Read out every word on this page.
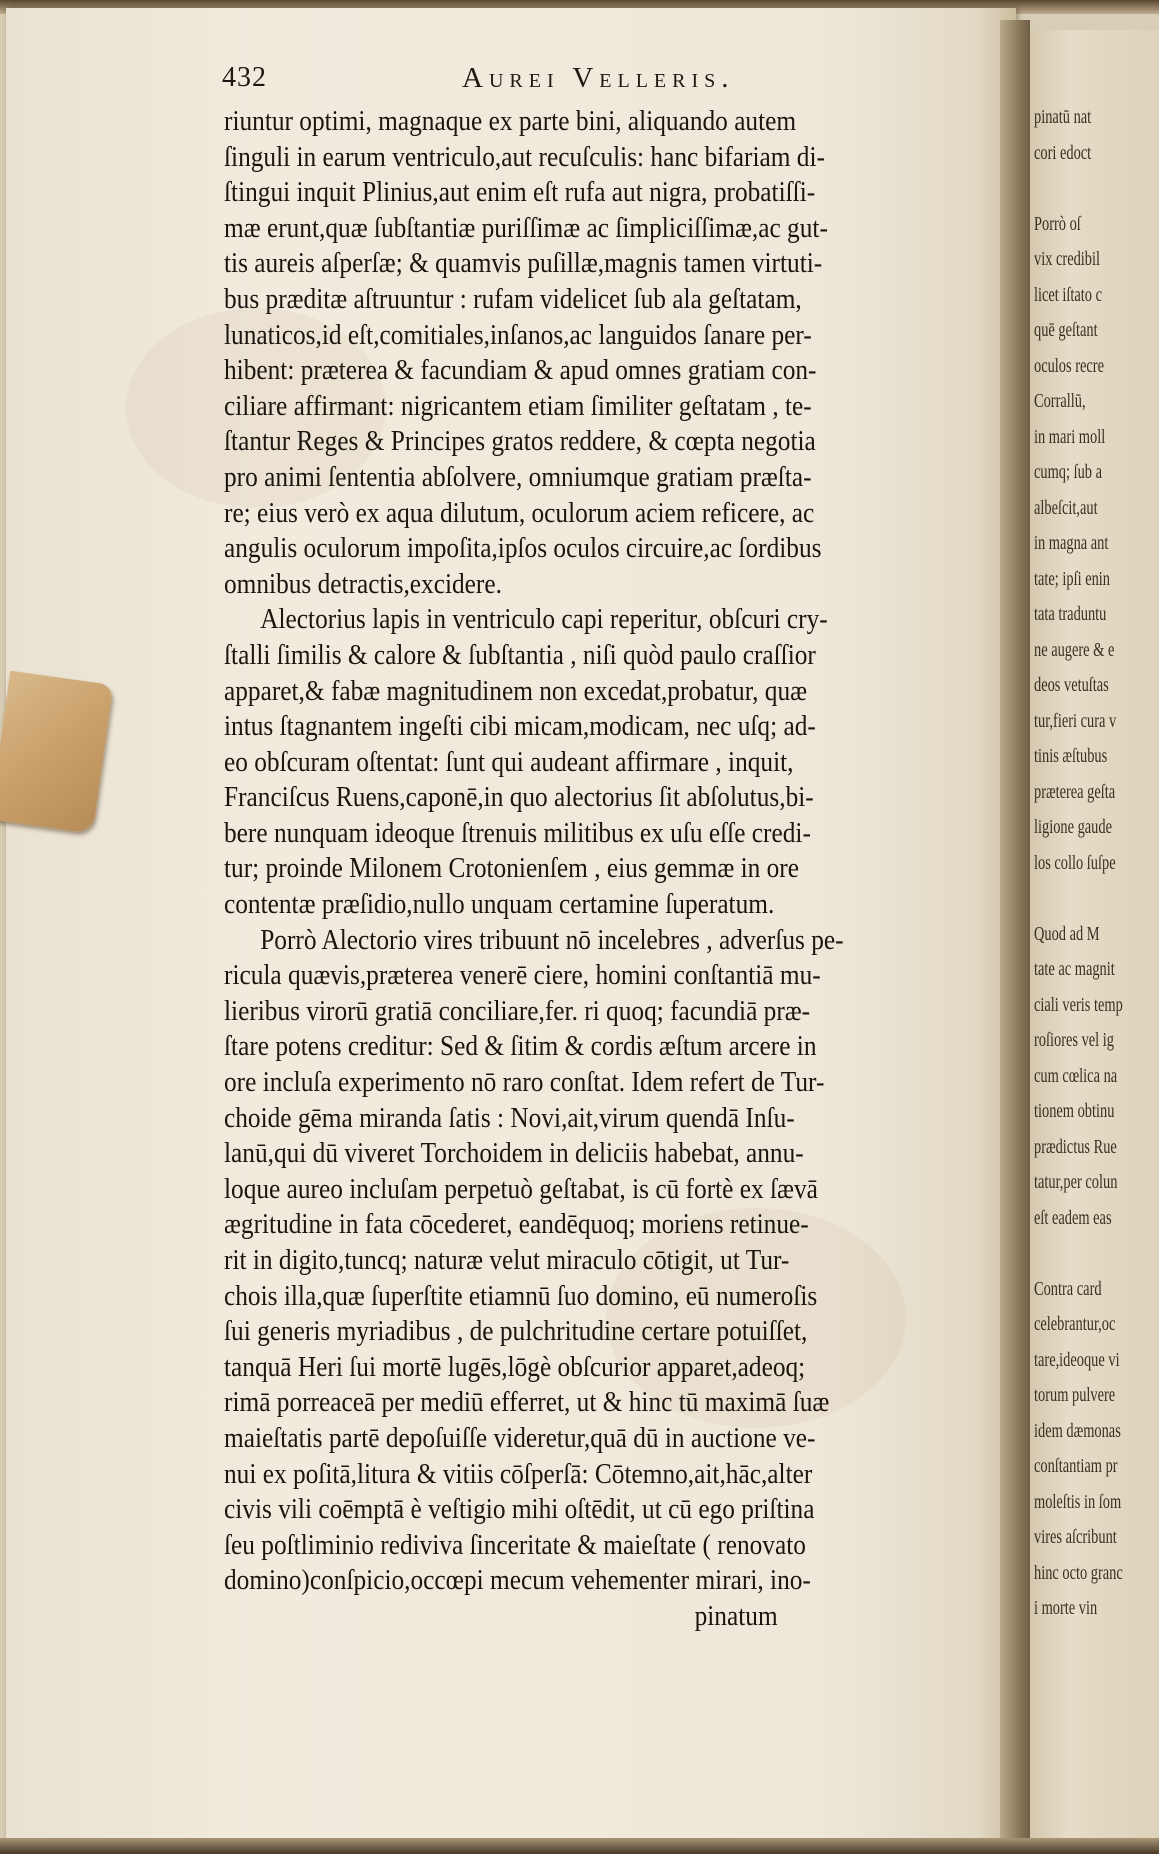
pinatū nat
cori edoct
Porrò oſ
vix credibil
licet iſtato c
quē geſtant
oculos recre
Corrallū,
in mari moll
cumq; ſub a
albeſcit,aut
in magna ant
tate; ipſi enin
tata traduntu
ne augere & e
deos vetuſtas
tur,fieri cura v
tinis æſtubus
præterea geſta
ligione gaude
los collo ſuſpe
Quod ad M
tate ac magnit
ciali veris temp
roſiores vel ig
cum cœlica na
tionem obtinu
prædictus Rue
tatur,per colun
eſt eadem eas
Contra card
celebrantur,oc
tare,ideoque vi
torum pulvere
idem dæmonas
conſtantiam pr
moleſtis in ſom
vires aſcribunt
hinc octo granc
i morte vin
432	Aurei Velleris.
riuntur optimi, magnaque ex parte bini, aliquando autem
ſinguli in earum ventriculo,aut recuſculis: hanc bifariam di-
ſtingui inquit Plinius,aut enim eſt rufa aut nigra, probatiſſi-
mæ erunt,quæ ſubſtantiæ puriſſimæ ac ſimpliciſſimæ,ac gut-
tis aureis aſperſæ; & quamvis puſillæ,magnis tamen virtuti-
bus præditæ aſtruuntur : rufam videlicet ſub ala geſtatam,
lunaticos,id eſt,comitiales,inſanos,ac languidos ſanare per-
hibent: præterea & facundiam & apud omnes gratiam con-
ciliare affirmant: nigricantem etiam ſimiliter geſtatam , te-
ſtantur Reges & Principes gratos reddere, & cœpta negotia
pro animi ſententia abſolvere, omniumque gratiam præſta-
re; eius verò ex aqua dilutum, oculorum aciem reficere, ac
angulis oculorum impoſita,ipſos oculos circuire,ac ſordibus
omnibus detractis,excidere.
Alectorius lapis in ventriculo capi reperitur, obſcuri cry-
ſtalli ſimilis & calore & ſubſtantia , niſi quòd paulo craſſior
apparet,& fabæ magnitudinem non excedat,probatur, quæ
intus ſtagnantem ingeſti cibi micam,modicam, nec uſq; ad-
eo obſcuram oſtentat: ſunt qui audeant affirmare , inquit,
Franciſcus Ruens,caponē,in quo alectorius ſit abſolutus,bi-
bere nunquam ideoque ſtrenuis militibus ex uſu eſſe credi-
tur; proinde Milonem Crotonienſem , eius gemmæ in ore
contentæ præſidio,nullo unquam certamine ſuperatum.
Porrò Alectorio vires tribuunt nō incelebres , adverſus pe-
ricula quævis,præterea venerē ciere, homini conſtantiā mu-
lieribus virorū gratiā conciliare,fer. ri quoq; facundiā præ-
ſtare potens creditur: Sed & ſitim & cordis æſtum arcere in
ore incluſa experimento nō raro conſtat. Idem refert de Tur-
choide gēma miranda ſatis : Novi,ait,virum quendā Inſu-
lanū,qui dū viveret Torchoidem in deliciis habebat, annu-
loque aureo incluſam perpetuò geſtabat, is cū fortè ex ſævā
ægritudine in fata cōcederet, eandēquoq; moriens retinue-
rit in digito,tuncq; naturæ velut miraculo cōtigit, ut Tur-
chois illa,quæ ſuperſtite etiamnū ſuo domino, eū numeroſis
ſui generis myriadibus , de pulchritudine certare potuiſſet,
tanquā Heri ſui mortē lugēs,lōgè obſcurior apparet,adeoq;
rimā porreaceā per mediū efferret, ut & hinc tū maximā ſuæ
maieſtatis partē depoſuiſſe videretur,quā dū in auctione ve-
nui ex poſitā,litura & vitiis cōſperſā: Cōtemno,ait,hāc,alter
civis vili coēmptā è veſtigio mihi oſtēdit, ut cū ego priſtina
ſeu poſtliminio rediviva ſinceritate & maieſtate ( renovato
domino)conſpicio,occœpi mecum vehementer mirari, ino-
pinatum
